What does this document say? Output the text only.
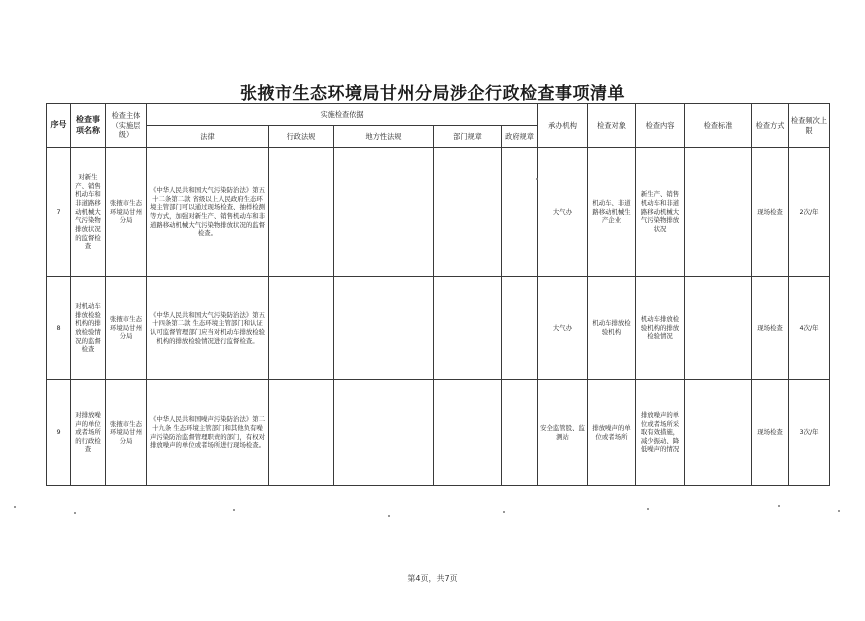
张掖市生态环境局甘州分局涉企行政检查事项清单
序号	检查事项名称	检查主体（实施层级）	实施检查依据					承办机构	检查对象	检查内容	检查标准	检查方式	检查频次上限
			法律	行政法规	地方性法规	部门规章	政府规章						
7	对新生产、销售机动车和非道路移动机械大气污染物排放状况的监督检查	张掖市生态环境局甘州分局	《中华人民共和国大气污染防治法》第五十二条第二款 省级以上人民政府生态环境主管部门可以通过现场检查、抽样检测等方式，加强对新生产、销售机动车和非道路移动机械大气污染物排放状况的监督检查。					大气办	机动车、非道路移动机械生产企业	新生产、销售机动车和非道路移动机械大气污染物排放状况		现场检查	2次/年
8	对机动车排放检验机构的排放检验情况的监督检查	张掖市生态环境局甘州分局	《中华人民共和国大气污染防治法》第五十四条第二款 生态环境主管部门和认证认可监督管理部门应当对机动车排放检验机构的排放检验情况进行监督检查。					大气办	机动车排放检验机构	机动车排放检验机构的排放检验情况		现场检查	4次/年
9	对排放噪声的单位或者场所的行政检查	张掖市生态环境局甘州分局	《中华人民共和国噪声污染防治法》第二十九条 生态环境主管部门和其他负有噪声污染防治监督管理职责的部门，有权对排放噪声的单位或者场所进行现场检查。					安全监管股、监测站	排放噪声的单位或者场所	排放噪声的单位或者场所采取有效措施，减少振动、降低噪声的情况		现场检查	3次/年
第4页，共7页
